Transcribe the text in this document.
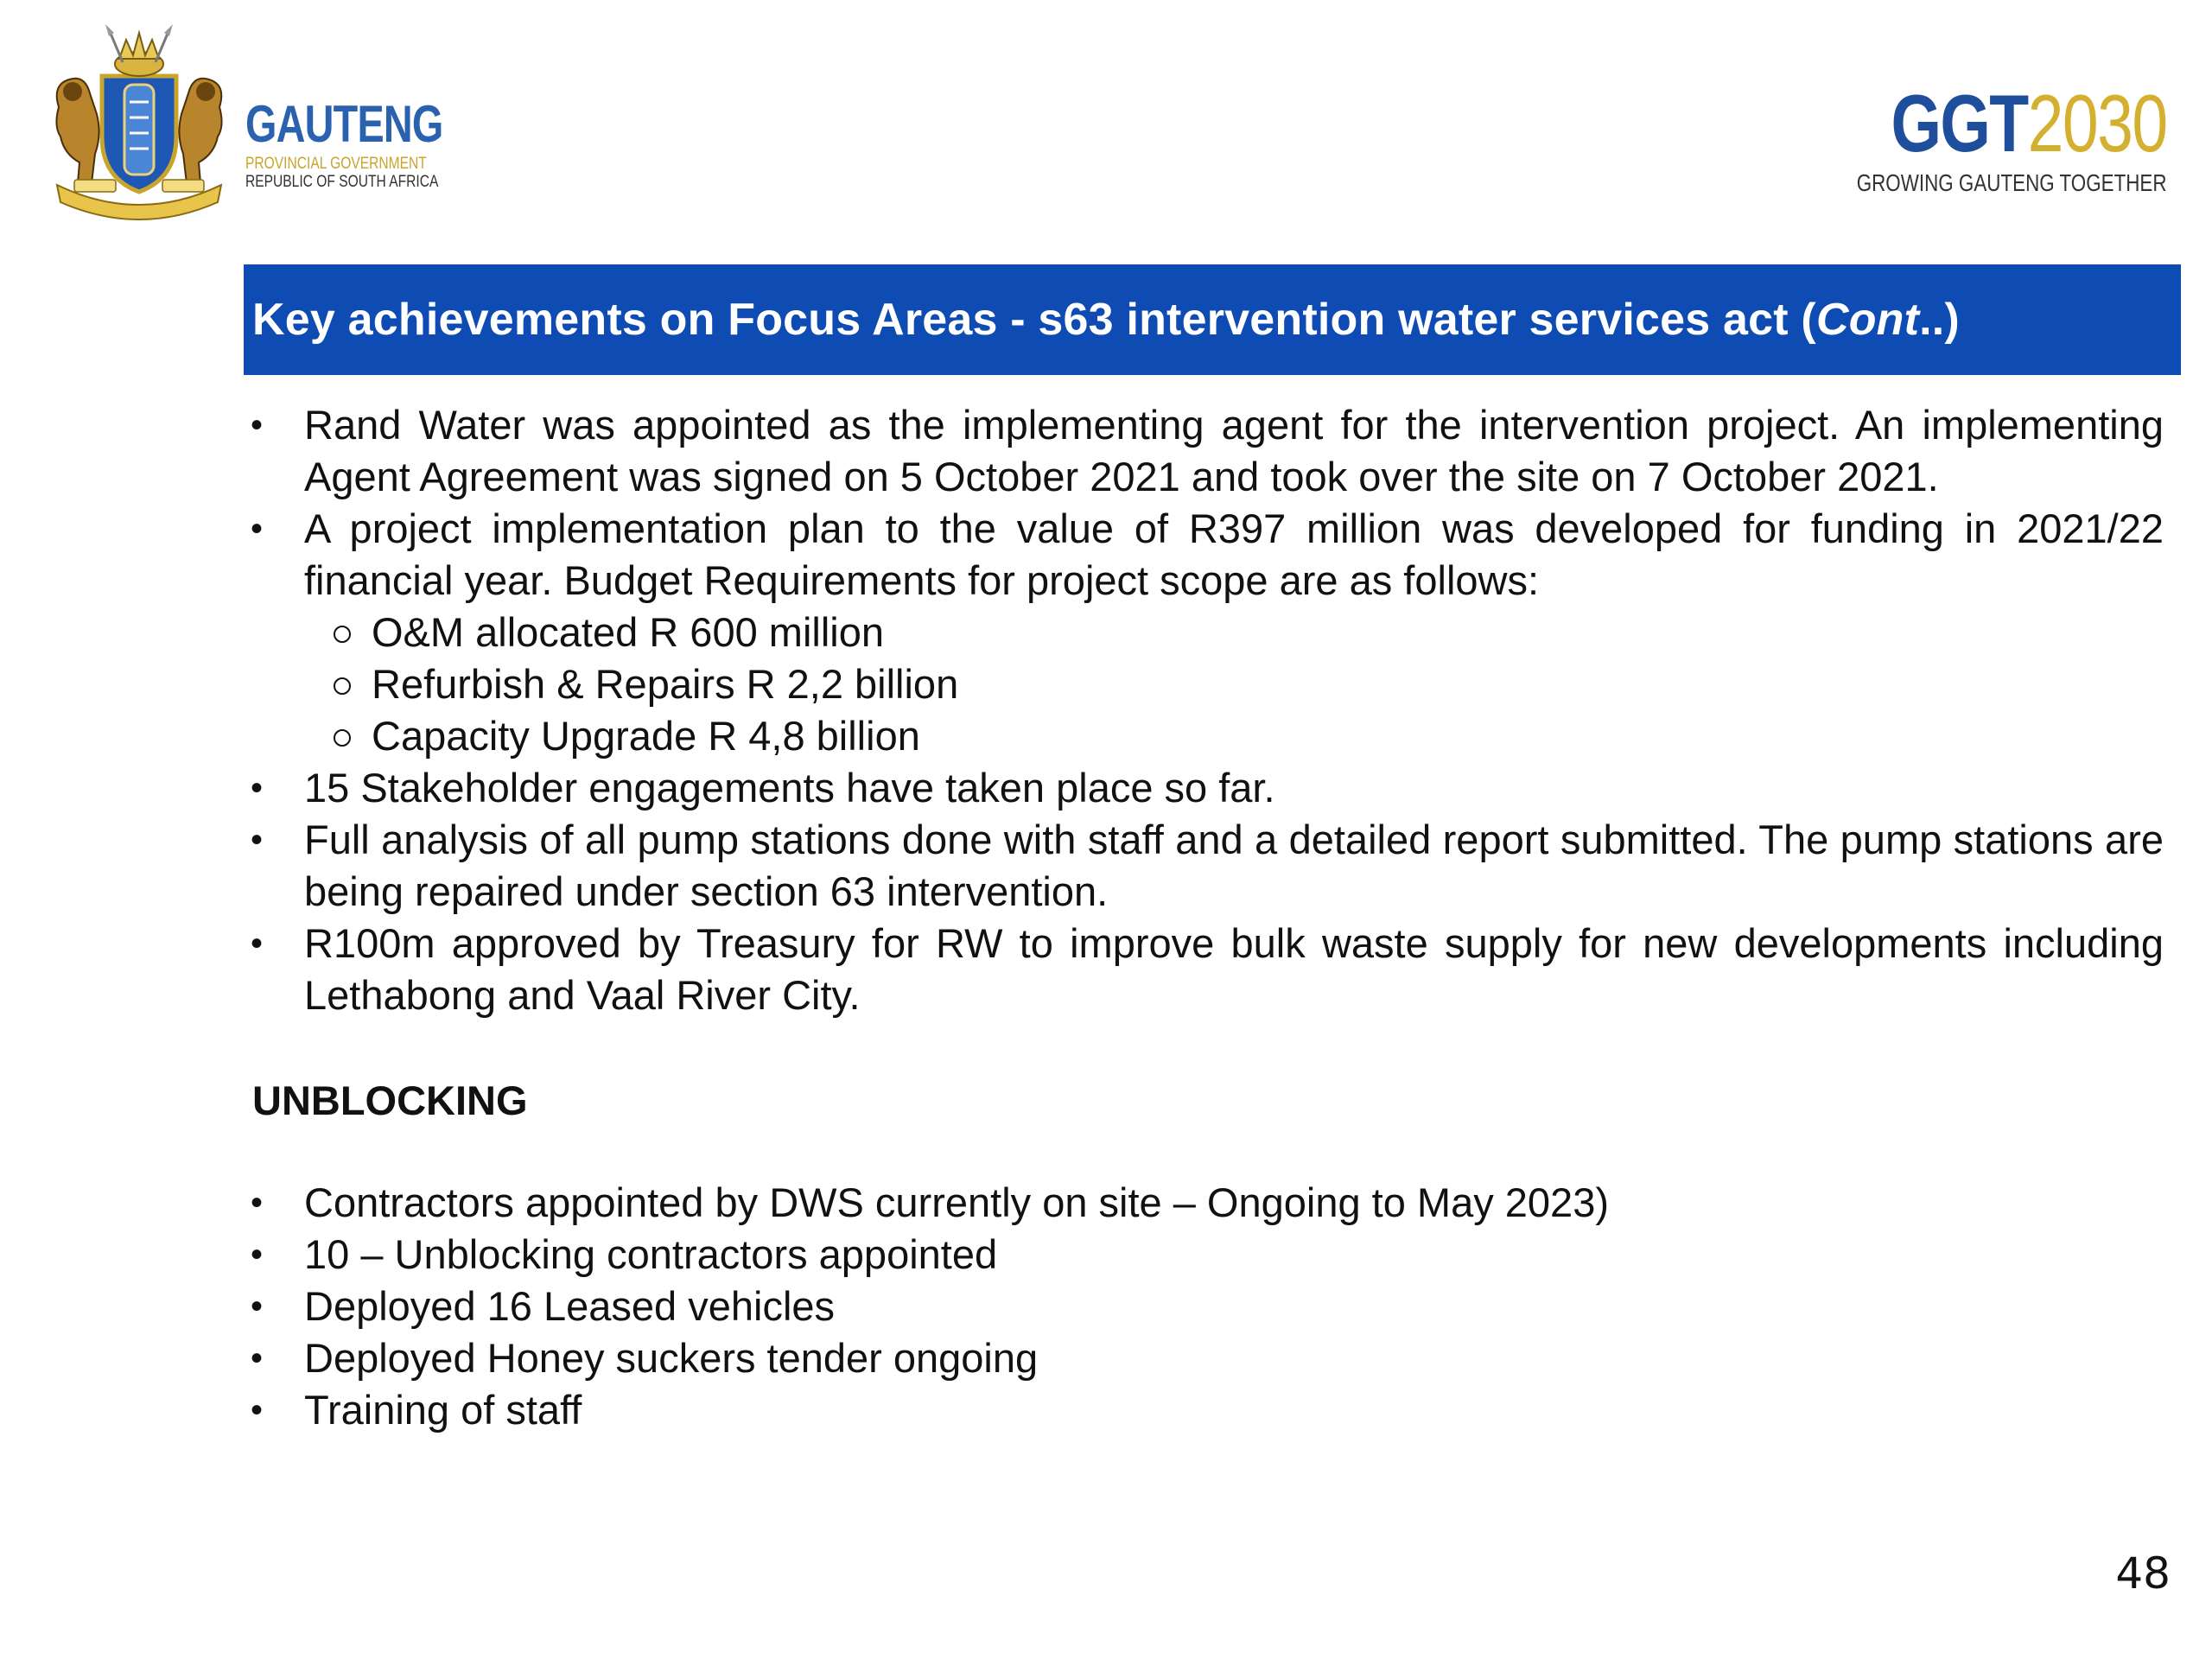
GAUTENG
PROVINCIAL GOVERNMENT
REPUBLIC OF SOUTH AFRICA
GGT2030
GROWING GAUTENG TOGETHER
Key achievements on Focus Areas - s63 intervention water services act (Cont..)
•	Rand Water was appointed as the implementing agent for the intervention project. An implementing Agent Agreement was signed on 5 October 2021 and took over the site on 7 October 2021.
•	A project implementation plan to the value of R397 million was developed for funding in 2021/22 financial year. Budget Requirements for project scope are as follows:
O&M allocated R 600 million
Refurbish & Repairs R 2,2 billion
Capacity Upgrade R 4,8 billion
•	15 Stakeholder engagements have taken place so far.
•	Full analysis of all pump stations done with staff and a detailed report submitted. The pump stations are being repaired under section 63 intervention.
•	R100m approved by Treasury for RW to improve bulk waste supply for new developments including Lethabong and Vaal River City.
UNBLOCKING
•	Contractors appointed by DWS currently on site – Ongoing to May 2023)
•	10 – Unblocking contractors appointed
•	Deployed 16 Leased vehicles
•	Deployed Honey suckers tender ongoing
•	Training of staff
48
